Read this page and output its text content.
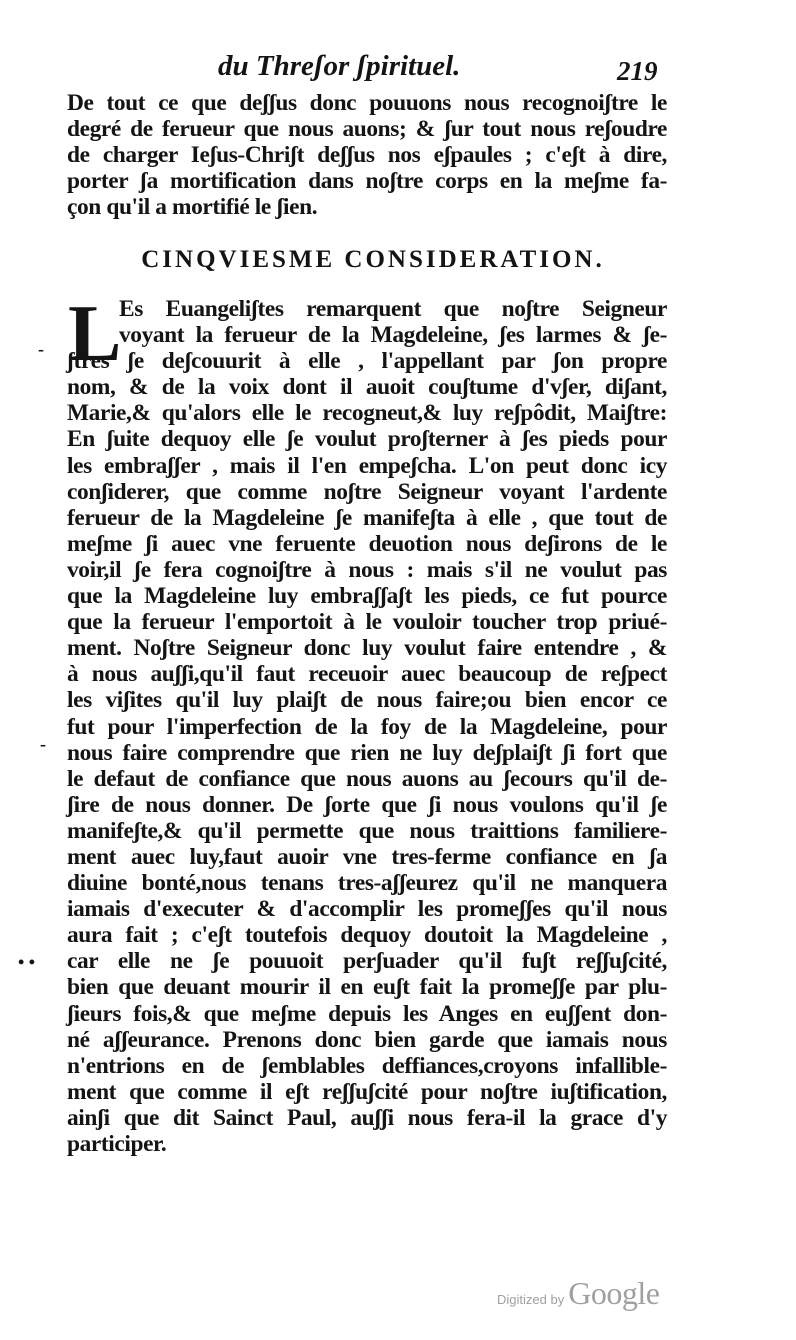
du Threʃor ʃpirituel.	219
De tout ce que deʃʃus donc pouuons nous recognoiʃtre le
degré de ferueur que nous auons; & ʃur tout nous reʃoudre
de charger Ieʃus-Chriʃt deʃʃus nos eʃpaules ; c'eʃt à dire,
porter ʃa mortification dans noʃtre corps en la meʃme fa-
çon qu'il a mortifié le ʃien.
CINQVIESME CONSIDERATION.
L
Es Euangeliʃtes remarquent que noʃtre Seigneur
voyant la ferueur de la Magdeleine, ʃes larmes & ʃe-
ʃtres ʃe deʃcouurit à elle , l'appellant par ʃon propre
nom, & de la voix dont il auoit couʃtume d'vʃer, diʃant,
Marie,& qu'alors elle le recogneut,& luy reʃpôdit, Maiʃtre:
En ʃuite dequoy elle ʃe voulut proʃterner à ʃes pieds pour
les embraʃʃer , mais il l'en empeʃcha. L'on peut donc icy
conʃiderer, que comme noʃtre Seigneur voyant l'ardente
ferueur de la Magdeleine ʃe manifeʃta à elle , que tout de
meʃme ʃi auec vne feruente deuotion nous deʃirons de le
voir,il ʃe fera cognoiʃtre à nous : mais s'il ne voulut pas
que la Magdeleine luy embraʃʃaʃt les pieds, ce fut pource
que la ferueur l'emportoit à le vouloir toucher trop priué-
ment. Noʃtre Seigneur donc luy voulut faire entendre , &
à nous auʃʃi,qu'il faut receuoir auec beaucoup de reʃpect
les viʃites qu'il luy plaiʃt de nous faire;ou bien encor ce
fut pour l'imperfection de la foy de la Magdeleine, pour
nous faire comprendre que rien ne luy deʃplaiʃt ʃi fort que
le defaut de confiance que nous auons au ʃecours qu'il de-
ʃire de nous donner. De ʃorte que ʃi nous voulons qu'il ʃe
manifeʃte,& qu'il permette que nous traittions familiere-
ment auec luy,faut auoir vne tres-ferme confiance en ʃa
diuine bonté,nous tenans tres-aʃʃeurez qu'il ne manquera
iamais d'executer & d'accomplir les promeʃʃes qu'il nous
aura fait ; c'eʃt toutefois dequoy doutoit la Magdeleine ,
car elle ne ʃe pouuoit perʃuader qu'il fuʃt reʃʃuʃcité,
bien que deuant mourir il en euʃt fait la promeʃʃe par plu-
ʃieurs fois,& que meʃme depuis les Anges en euʃʃent don-
né aʃʃeurance. Prenons donc bien garde que iamais nous
n'entrions en de ʃemblables deffiances,croyons infallible-
ment que comme il eʃt reʃʃuʃcité pour noʃtre iuʃtification,
ainʃi que dit Sainct Paul, auʃʃi nous fera-il la grace d'y
participer.
-
-
• •
Digitized by Google
